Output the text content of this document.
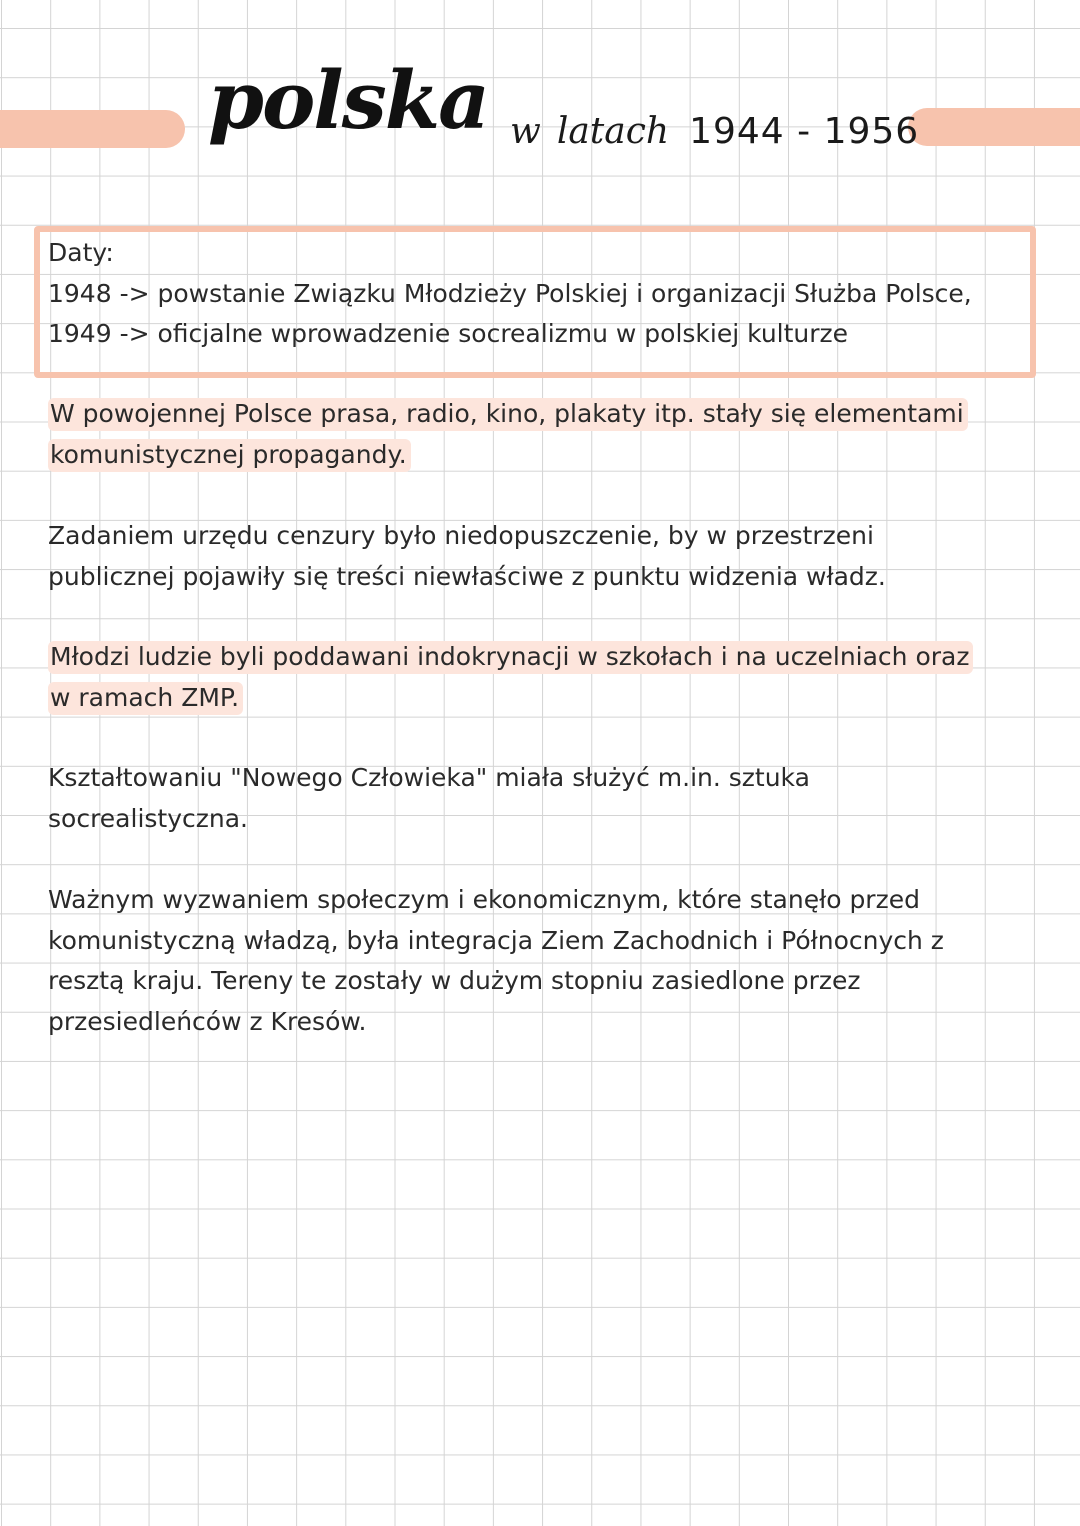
polska w latach 1944 - 1956
Daty:
1948 -> powstanie Związku Młodzieży Polskiej i organizacji Służba Polsce,
1949 -> oficjalne wprowadzenie socrealizmu w polskiej kulturze
W powojennej Polsce prasa, radio, kino, plakaty itp. stały się elementami
komunistycznej propagandy.
Zadaniem urzędu cenzury było niedopuszczenie, by w przestrzeni
publicznej pojawiły się treści niewłaściwe z punktu widzenia władz.
Młodzi ludzie byli poddawani indokrynacji w szkołach i na uczelniach oraz
w ramach ZMP.
Kształtowaniu "Nowego Człowieka" miała służyć m.in. sztuka
socrealistyczna.
Ważnym wyzwaniem społeczym i ekonomicznym, które stanęło przed
komunistyczną władzą, była integracja Ziem Zachodnich i Północnych z
resztą kraju. Tereny te zostały w dużym stopniu zasiedlone przez
przesiedleńców z Kresów.
